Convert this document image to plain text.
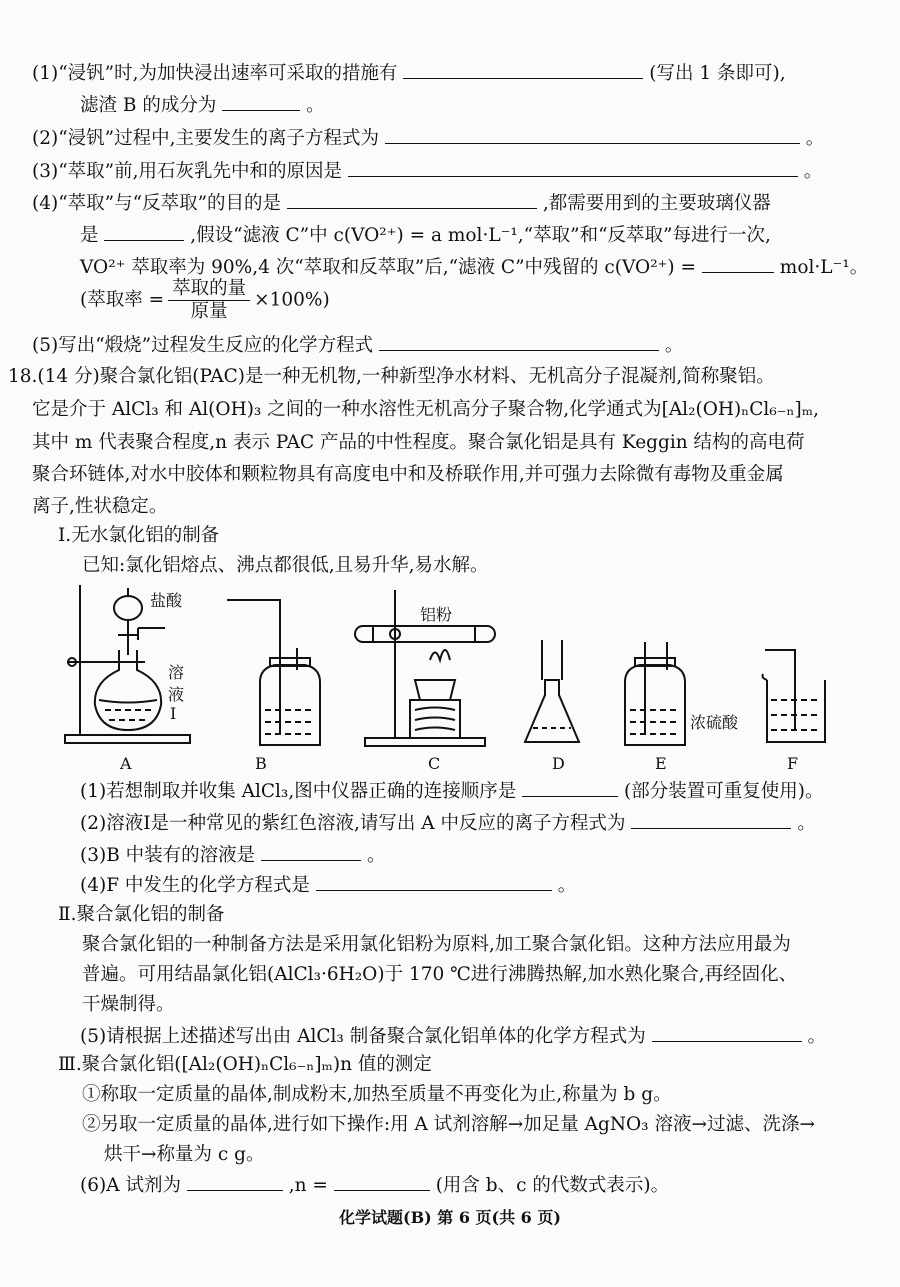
(1)“浸钒”时,为加快浸出速率可采取的措施有	(写出 1 条即可),
滤渣 B 的成分为	。
(2)“浸钒”过程中,主要发生的离子方程式为	。
(3)“萃取”前,用石灰乳先中和的原因是	。
(4)“萃取”与“反萃取”的目的是	,都需要用到的主要玻璃仪器
是	,假设“滤液 C”中 c(VO²⁺) = a mol·L⁻¹,“萃取”和“反萃取”每进行一次,
VO²⁺ 萃取率为 90%,4 次“萃取和反萃取”后,“滤液 C”中残留的 c(VO²⁺) =	mol·L⁻¹。
(萃取率 = $\frac{\text{萃取的量}}{\text{原量}} \times 100\%$)
(5)写出“煅烧”过程发生反应的化学方程式	。
18.(14 分)聚合氯化铝(PAC)是一种无机物,一种新型净水材料、无机高分子混凝剂,简称聚铝。
它是介于 AlCl₃ 和 Al(OH)₃ 之间的一种水溶性无机高分子聚合物,化学通式为[Al₂(OH)ₙCl₆₋ₙ]ₘ,
其中 m 代表聚合程度,n 表示 PAC 产品的中性程度。聚合氯化铝是具有 Keggin 结构的高电荷
聚合环链体,对水中胶体和颗粒物具有高度电中和及桥联作用,并可强力去除微有毒物及重金属
离子,性状稳定。
Ⅰ.无水氯化铝的制备
已知:氯化铝熔点、沸点都很低,且易升华,易水解。
盐酸
溶
液
Ⅰ
铝粉
浓硫酸
A	B	C	D	E	F
(1)若想制取并收集 AlCl₃,图中仪器正确的连接顺序是	(部分装置可重复使用)。
(2)溶液Ⅰ是一种常见的紫红色溶液,请写出 A 中反应的离子方程式为	。
(3)B 中装有的溶液是	。
(4)F 中发生的化学方程式是	。
Ⅱ.聚合氯化铝的制备
聚合氯化铝的一种制备方法是采用氯化铝粉为原料,加工聚合氯化铝。这种方法应用最为
普遍。可用结晶氯化铝(AlCl₃·6H₂O)于 170 ℃进行沸腾热解,加水熟化聚合,再经固化、
干燥制得。
(5)请根据上述描述写出由 AlCl₃ 制备聚合氯化铝单体的化学方程式为	。
Ⅲ.聚合氯化铝([Al₂(OH)ₙCl₆₋ₙ]ₘ)n 值的测定
①称取一定质量的晶体,制成粉末,加热至质量不再变化为止,称量为 b g。
②另取一定质量的晶体,进行如下操作:用 A 试剂溶解→加足量 AgNO₃ 溶液→过滤、洗涤→
烘干→称量为 c g。
(6)A 试剂为	,n =	(用含 b、c 的代数式表示)。
化学试题(B) 第 6 页(共 6 页)
